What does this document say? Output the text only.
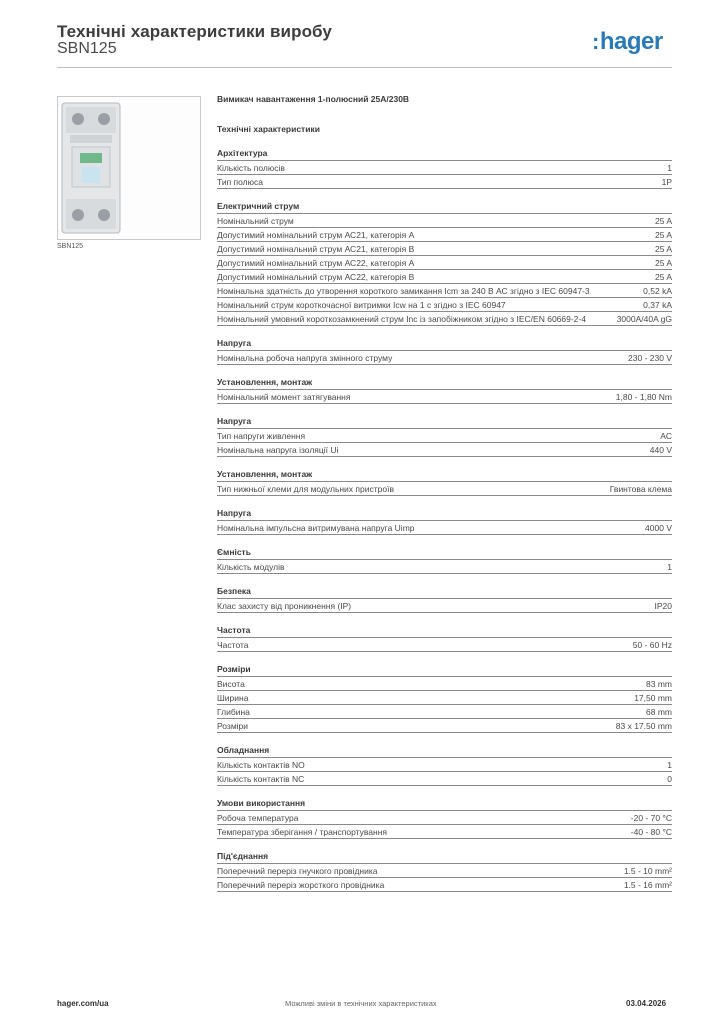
Технічні характеристики виробу
SBN125	:hager
SBN125
Вимикач навантаження 1-полюсний 25А/230В
Технічні характеристики
Архітектура
Кількість полюсів	1
Тип полюса	1P
Електричний струм
Номінальний струм	25 A
Допустимий номінальний струм АС21, категорія А	25 A
Допустимий номінальний струм АС21, категорія В	25 A
Допустимий номінальний струм АС22, категорія А	25 A
Допустимий номінальний струм АС22, категорія В	25 A
Номінальна здатність до утворення короткого замикання Icm за 240 В АС згідно з IEC 60947-3	0,52 kA
Номінальний струм короткочасної витримки Icw на 1 с згідно з IEC 60947	0,37 kA
Номінальний умовний короткозамкнений струм Inc із запобіжником згідно з IEC/EN 60669-2-4	3000A/40A gG
Напруга
Номінальна робоча напруга змінного струму	230 - 230 V
Установлення, монтаж
Номінальний момент затягування	1,80 - 1,80 Nm
Напруга
Тип напруги живлення	AC
Номінальна напруга ізоляції Ui	440 V
Установлення, монтаж
Тип нижньої клеми для модульних пристроїв	Гвинтова клема
Напруга
Номінальна імпульсна витримувана напруга Uimp	4000 V
Ємність
Кількість модулів	1
Безпека
Клас захисту від проникнення (IP)	IP20
Частота
Частота	50 - 60 Hz
Розміри
Висота	83 mm
Ширина	17,50 mm
Глибина	68 mm
Розміри	83 x 17.50 mm
Обладнання
Кількість контактів NO	1
Кількість контактів NC	0
Умови використання
Робоча температура	-20 - 70 °C
Температура зберігання / транспортування	-40 - 80 °C
Під'єднання
Поперечний переріз гнучкого провідника	1.5 - 10 mm²
Поперечний переріз жорсткого провідника	1.5 - 16 mm²
hager.com/ua	Можливі зміни в технічних характеристиках	03.04.2026
